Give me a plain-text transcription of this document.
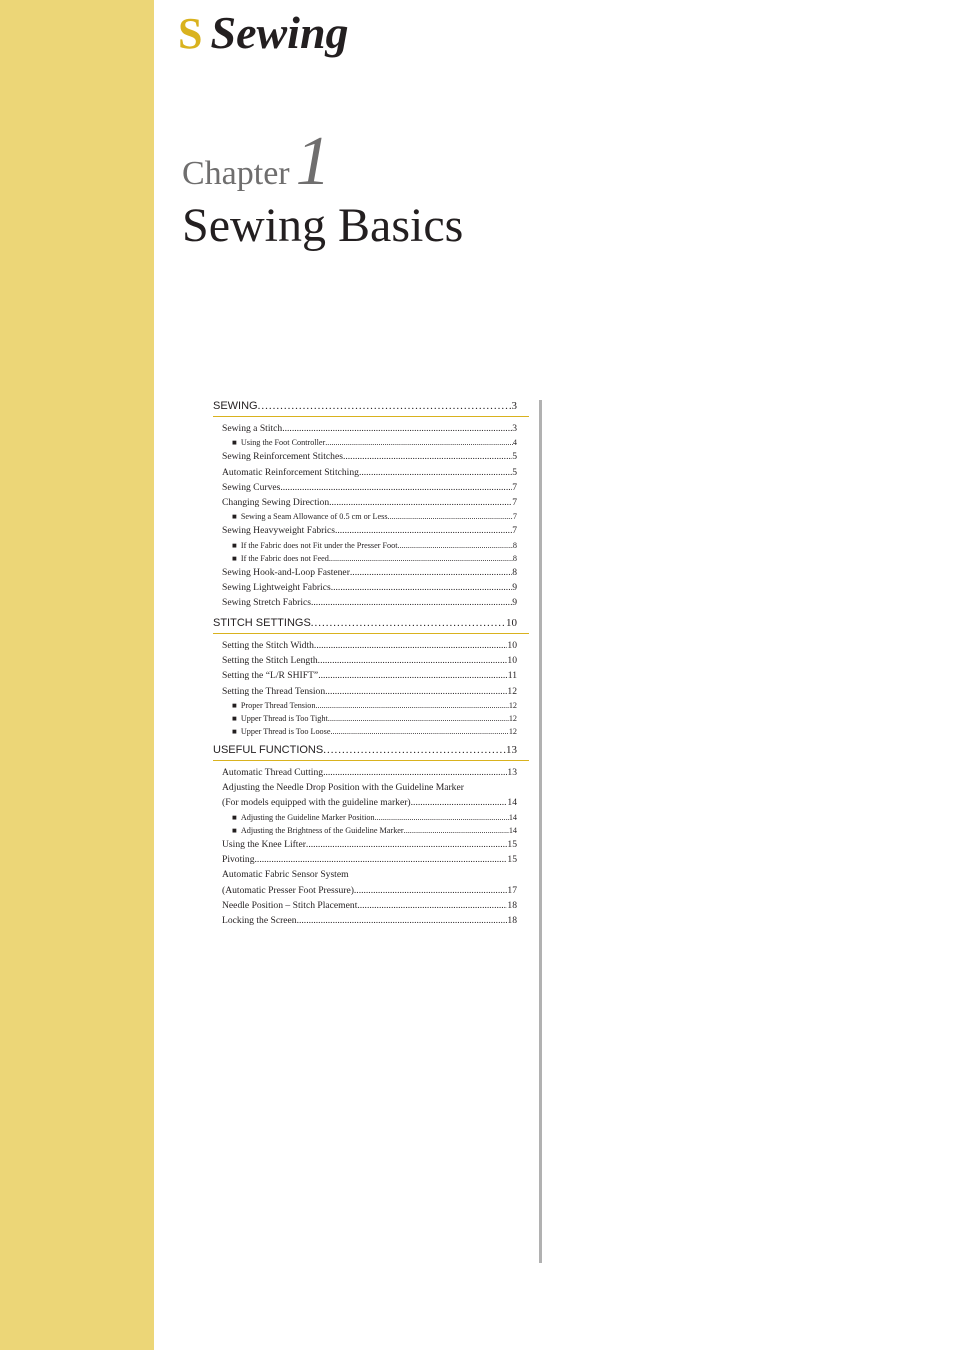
S Sewing
Chapter1
Sewing Basics
SEWING .....	3
Sewing a Stitch .....	3
■ Using the Foot Controller .....	4
Sewing Reinforcement Stitches .....	5
Automatic Reinforcement Stitching .....	5
Sewing Curves .....	7
Changing Sewing Direction .....	7
■ Sewing a Seam Allowance of 0.5 cm or Less .....	7
Sewing Heavyweight Fabrics .....	7
■ If the Fabric does not Fit under the Presser Foot .....	8
■ If the Fabric does not Feed .....	8
Sewing Hook-and-Loop Fastener .....	8
Sewing Lightweight Fabrics .....	9
Sewing Stretch Fabrics .....	9
STITCH SETTINGS .....	10
Setting the Stitch Width .....	10
Setting the Stitch Length .....	10
Setting the “L/R SHIFT” .....	11
Setting the Thread Tension .....	12
■ Proper Thread Tension .....	12
■ Upper Thread is Too Tight .....	12
■ Upper Thread is Too Loose .....	12
USEFUL FUNCTIONS .....	13
Automatic Thread Cutting .....	13
Adjusting the Needle Drop Position with the Guideline Marker
(For models equipped with the guideline marker) .....	14
■ Adjusting the Guideline Marker Position .....	14
■ Adjusting the Brightness of the Guideline Marker .....	14
Using the Knee Lifter .....	15
Pivoting .....	15
Automatic Fabric Sensor System
(Automatic Presser Foot Pressure) .....	17
Needle Position – Stitch Placement .....	18
Locking the Screen .....	18
